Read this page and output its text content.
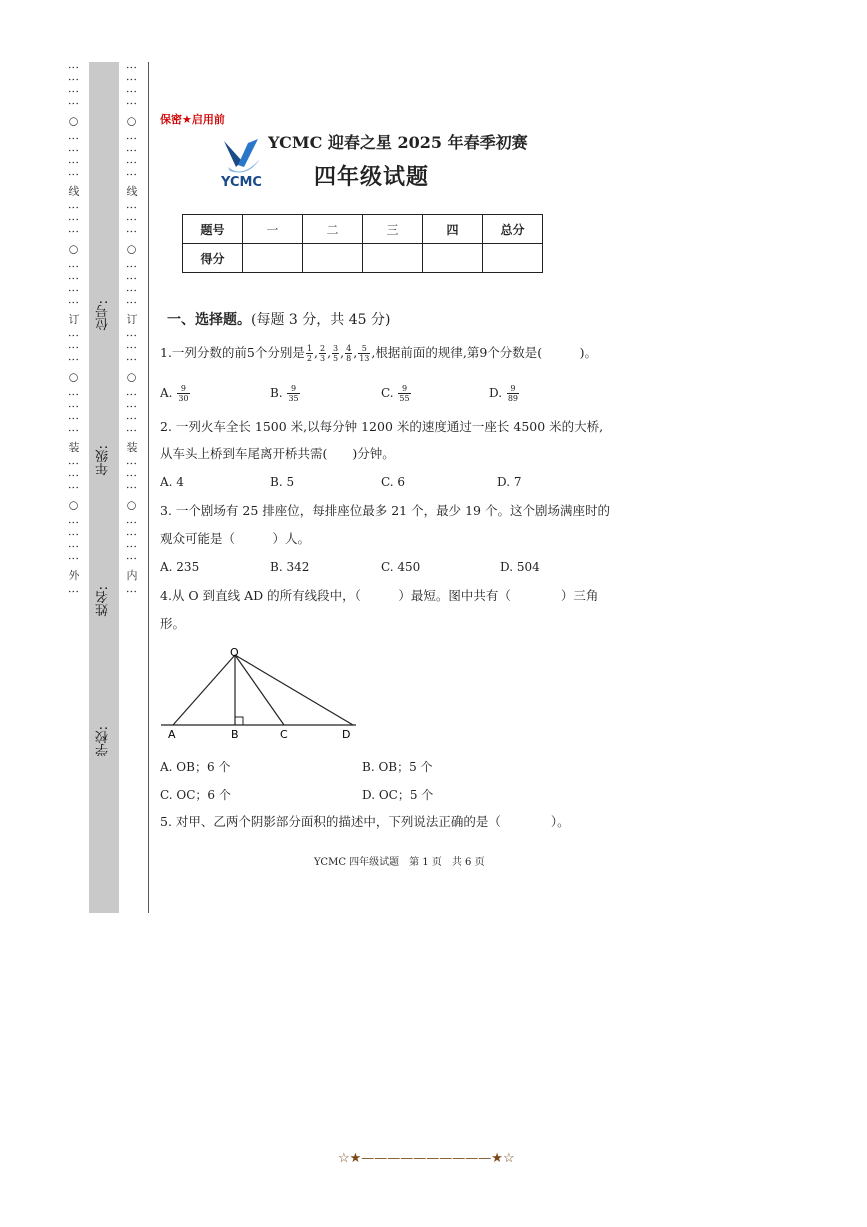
⋮⋮⋮⋮ ○ ⋮⋮⋮⋮ 线 ⋮⋮⋮ ○ ⋮⋮⋮⋮ 订 ⋮⋮⋮ ○ ⋮⋮⋮⋮ 装 ⋮⋮⋮ ○ ⋮⋮⋮⋮ 外 ⋮
学校:
姓名:
年级:
位号:
⋮⋮⋮⋮ ○ ⋮⋮⋮⋮ 线 ⋮⋮⋮ ○ ⋮⋮⋮⋮ 订 ⋮⋮⋮ ○ ⋮⋮⋮⋮ 装 ⋮⋮⋮ ○ ⋮⋮⋮⋮ 内 ⋮
保密★启用前
YCMC
YCMC 迎春之星 2025 年春季初赛
四年级试题
题号	一	二	三	四	总分
得分					
一、选择题。(每题 3 分，共 45 分)
1.一列分数的前5个分别是 $\frac{1}{2}$ , $\frac{2}{3}$ , $\frac{3}{5}$ , $\frac{4}{8}$ , $\frac{5}{13}$ ,根据前面的规律,第9个分数是(　　　)。
A. $\frac{9}{30}$	B. $\frac{9}{35}$	C. $\frac{9}{55}$	D. $\frac{9}{89}$
2. 一列火车全长 1500 米,以每分钟 1200 米的速度通过一座长 4500 米的大桥,
从车头上桥到车尾离开桥共需(　　)分钟。
A. 4	B. 5	C. 6	D. 7
3. 一个剧场有 25 排座位，每排座位最多 21 个，最少 19 个。这个剧场满座时的
观众可能是（　　　）人。
A. 235	B. 342	C. 450	D. 504
4.从 O 到直线 AD 的所有线段中，（　　　）最短。图中共有（　　　　）三角
形。
O
A	B	C	D
A. OB；6 个	B. OB；5 个
C. OC；6 个	D. OC；5 个
5. 对甲、乙两个阴影部分面积的描述中，下列说法正确的是（　　　　）。
YCMC 四年级试题　第 1 页　共 6 页
☆★——————————★☆
